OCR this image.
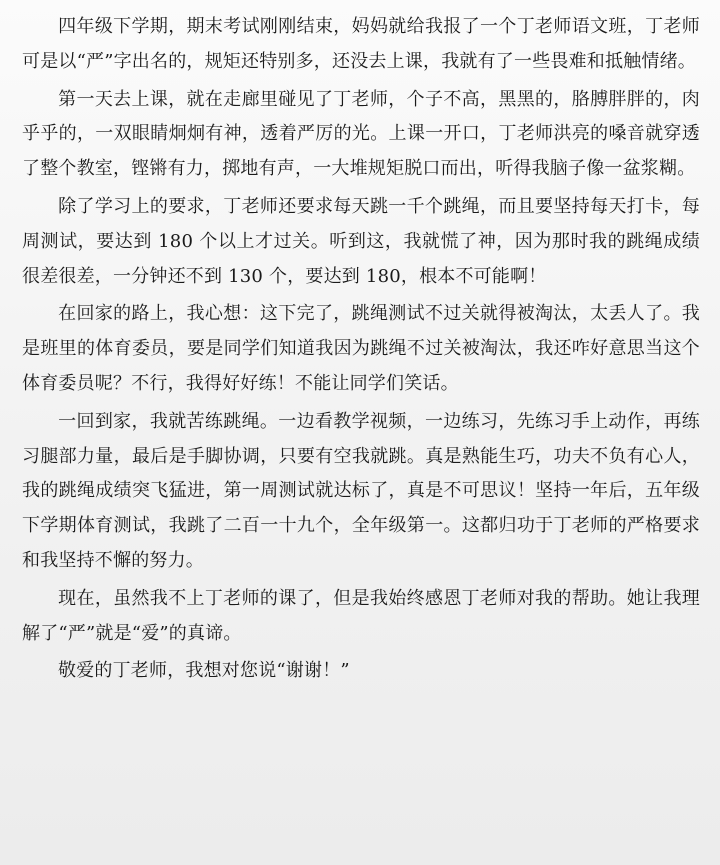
四年级下学期，期末考试刚刚结束，妈妈就给我报了一个丁老师语文班，丁老师可是以“严”字出名的，规矩还特别多，还没去上课，我就有了一些畏难和抵触情绪。

第一天去上课，就在走廊里碰见了丁老师，个子不高，黑黑的，胳膊胖胖的，肉乎乎的，一双眼睛炯炯有神，透着严厉的光。上课一开口，丁老师洪亮的嗓音就穿透了整个教室，铿锵有力，掷地有声，一大堆规矩脱口而出，听得我脑子像一盆浆糊。

除了学习上的要求，丁老师还要求每天跳一千个跳绳，而且要坚持每天打卡，每周测试，要达到 180 个以上才过关。听到这，我就慌了神，因为那时我的跳绳成绩很差很差，一分钟还不到 130 个，要达到 180，根本不可能啊！

在回家的路上，我心想：这下完了，跳绳测试不过关就得被淘汰，太丢人了。我是班里的体育委员，要是同学们知道我因为跳绳不过关被淘汰，我还咋好意思当这个体育委员呢？不行，我得好好练！不能让同学们笑话。

一回到家，我就苦练跳绳。一边看教学视频，一边练习，先练习手上动作，再练习腿部力量，最后是手脚协调，只要有空我就跳。真是熟能生巧，功夫不负有心人，我的跳绳成绩突飞猛进，第一周测试就达标了，真是不可思议！坚持一年后，五年级下学期体育测试，我跳了二百一十九个，全年级第一。这都归功于丁老师的严格要求和我坚持不懈的努力。

现在，虽然我不上丁老师的课了，但是我始终感恩丁老师对我的帮助。她让我理解了“严”就是“爱”的真谛。

敬爱的丁老师，我想对您说“谢谢！”
